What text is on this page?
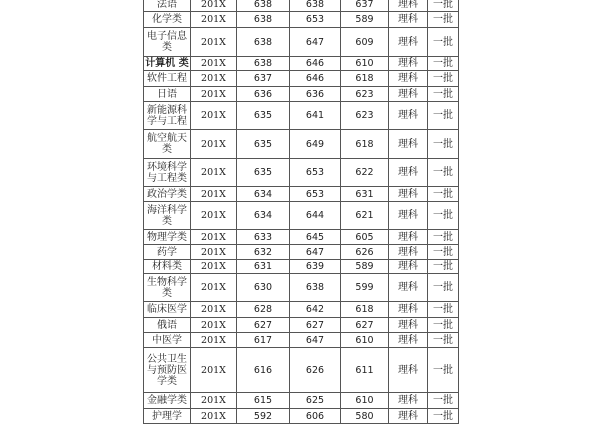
法语	201X	638	638	637	理科	一批
化学类	201X	638	653	589	理科	一批
电子信息类	201X	638	647	609	理科	一批
计算机 类	201X	638	646	610	理科	一批
软件工程	201X	637	646	618	理科	一批
日语	201X	636	636	623	理科	一批
新能源科学与工程	201X	635	641	623	理科	一批
航空航天类	201X	635	649	618	理科	一批
环境科学与工程类	201X	635	653	622	理科	一批
政治学类	201X	634	653	631	理科	一批
海洋科学类	201X	634	644	621	理科	一批
物理学类	201X	633	645	605	理科	一批
药学	201X	632	647	626	理科	一批
材料类	201X	631	639	589	理科	一批
生物科学类	201X	630	638	599	理科	一批
临床医学	201X	628	642	618	理科	一批
俄语	201X	627	627	627	理科	一批
中医学	201X	617	647	610	理科	一批
公共卫生与预防医学类	201X	616	626	611	理科	一批
金融学类	201X	615	625	610	理科	一批
护理学	201X	592	606	580	理科	一批
